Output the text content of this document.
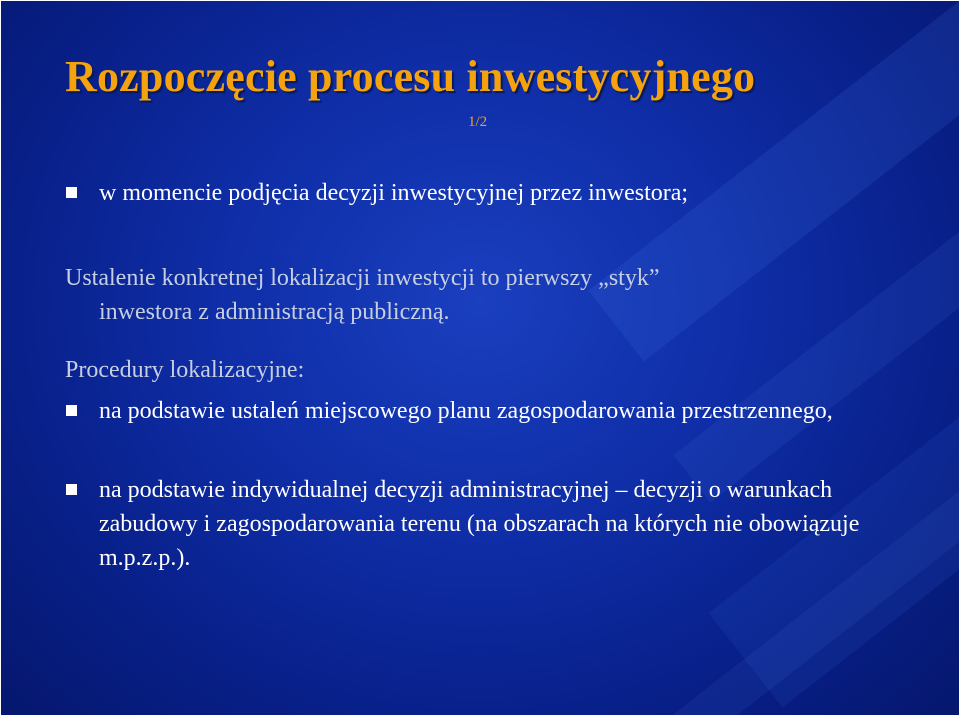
Rozpoczęcie procesu inwestycyjnego
1/2
w momencie podjęcia decyzji inwestycyjnej przez inwestora;
Ustalenie konkretnej lokalizacji inwestycji to pierwszy „styk”
inwestora z administracją publiczną.
Procedury lokalizacyjne:
na podstawie ustaleń miejscowego planu zagospodarowania przestrzennego,
na podstawie indywidualnej decyzji administracyjnej – decyzji o warunkach zabudowy i zagospodarowania terenu (na obszarach na których nie obowiązuje m.p.z.p.).
